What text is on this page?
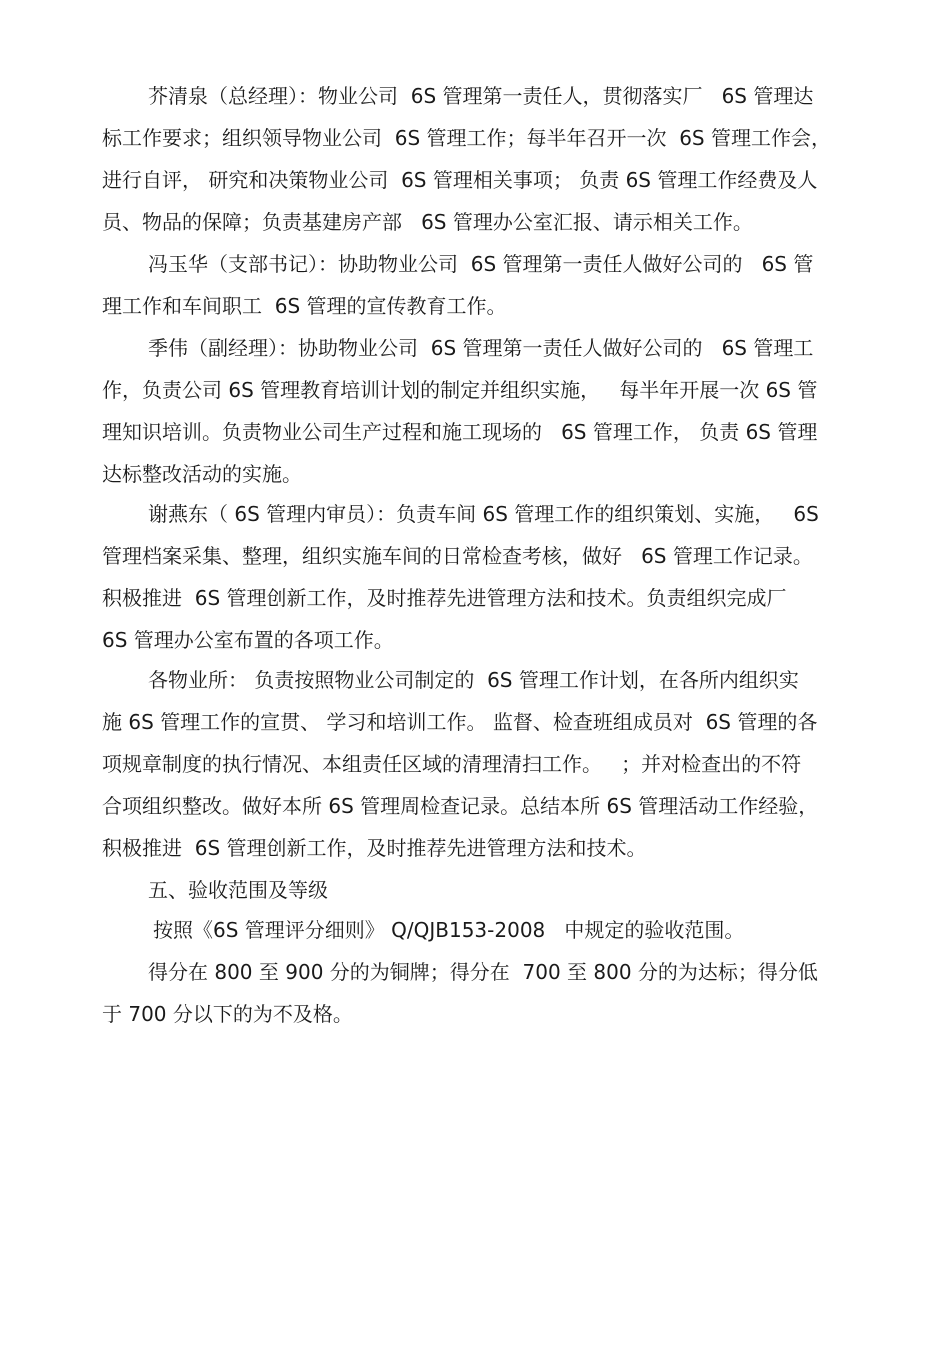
芥清泉（总经理）：物业公司  6S 管理第一责任人，贯彻落实厂   6S 管理达
标工作要求；组织领导物业公司  6S 管理工作；每半年召开一次  6S 管理工作会，
进行自评， 研究和决策物业公司  6S 管理相关事项； 负责 6S 管理工作经费及人
员、物品的保障；负责基建房产部   6S 管理办公室汇报、请示相关工作。
冯玉华（支部书记）：协助物业公司  6S 管理第一责任人做好公司的   6S 管
理工作和车间职工  6S 管理的宣传教育工作。
季伟（副经理）：协助物业公司  6S 管理第一责任人做好公司的   6S 管理工
作，负责公司 6S 管理教育培训计划的制定并组织实施，   每半年开展一次 6S 管
理知识培训。负责物业公司生产过程和施工现场的   6S 管理工作， 负责 6S 管理
达标整改活动的实施。
谢燕东（ 6S 管理内审员）：负责车间 6S 管理工作的组织策划、实施，   6S
管理档案采集、整理，组织实施车间的日常检查考核，做好   6S 管理工作记录。
积极推进  6S 管理创新工作，及时推荐先进管理方法和技术。负责组织完成厂
6S 管理办公室布置的各项工作。
各物业所： 负责按照物业公司制定的  6S 管理工作计划，在各所内组织实
施 6S 管理工作的宣贯、 学习和培训工作。 监督、检查班组成员对  6S 管理的各
项规章制度的执行情况、本组责任区域的清理清扫工作。   ；并对检查出的不符
合项组织整改。做好本所 6S 管理周检查记录。总结本所 6S 管理活动工作经验，
积极推进  6S 管理创新工作，及时推荐先进管理方法和技术。
五、验收范围及等级
按照《6S 管理评分细则》 Q/QJB153-2008   中规定的验收范围。
得分在 800 至 900 分的为铜牌；得分在  700 至 800 分的为达标；得分低
于 700 分以下的为不及格。
